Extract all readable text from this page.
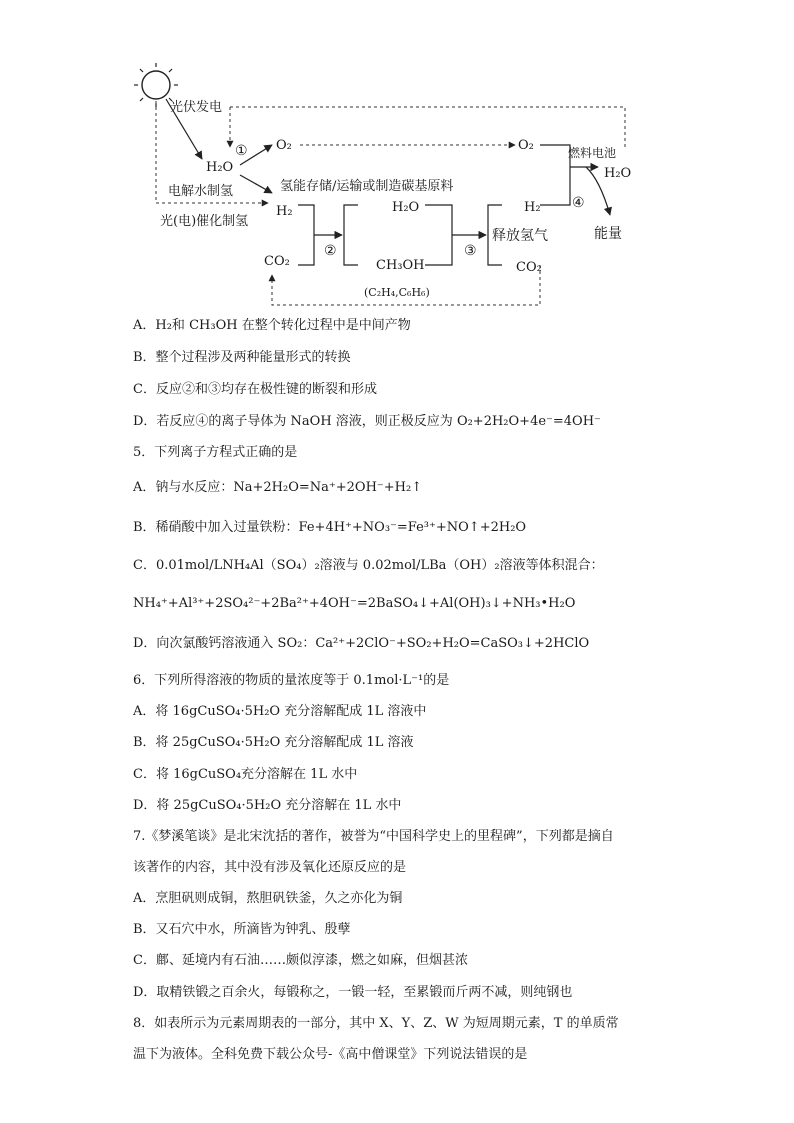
光伏发电
H₂O
① O₂	O₂	燃料电池
H₂O
电解水制氢	氢能存储/运输或制造碳基原料
光(电)催化制氢
H₂
CO₂
②
H₂O
CH₃OH
③
H₂ ④
释放氢气	能量
CO₂
(C₂H₄,C₆H₆)
A．H₂和 CH₃OH 在整个转化过程中是中间产物
B．整个过程涉及两种能量形式的转换
C．反应②和③均存在极性键的断裂和形成
D．若反应④的离子导体为 NaOH 溶液，则正极反应为 O₂+2H₂O+4e⁻=4OH⁻
5．下列离子方程式正确的是
A．钠与水反应：Na+2H₂O=Na⁺+2OH⁻+H₂↑
B．稀硝酸中加入过量铁粉：Fe+4H⁺+NO₃⁻=Fe³⁺+NO↑+2H₂O
C．0.01mol/LNH₄Al（SO₄）₂溶液与 0.02mol/LBa（OH）₂溶液等体积混合：
NH₄⁺+Al³⁺+2SO₄²⁻+2Ba²⁺+4OH⁻=2BaSO₄↓+Al(OH)₃↓+NH₃•H₂O
D．向次氯酸钙溶液通入 SO₂：Ca²⁺+2ClO⁻+SO₂+H₂O=CaSO₃↓+2HClO
6．下列所得溶液的物质的量浓度等于 0.1mol·L⁻¹的是
A．将 16gCuSO₄·5H₂O 充分溶解配成 1L 溶液中
B．将 25gCuSO₄·5H₂O 充分溶解配成 1L 溶液
C．将 16gCuSO₄充分溶解在 1L 水中
D．将 25gCuSO₄·5H₂O 充分溶解在 1L 水中
7.《梦溪笔谈》是北宋沈括的著作，被誉为“中国科学史上的里程碑”，下列都是摘自
该著作的内容，其中没有涉及氧化还原反应的是
A．烹胆矾则成铜，熬胆矾铁釜，久之亦化为铜
B．又石穴中水，所滴皆为钟乳、殷孽
C．鄜、延境内有石油……颇似淳漆，燃之如麻，但烟甚浓
D．取精铁锻之百余火，每锻称之，一锻一轻，至累锻而斤两不减，则纯钢也
8．如表所示为元素周期表的一部分，其中 X、Y、Z、W 为短周期元素，T 的单质常
温下为液体。全科免费下载公众号-《高中僧课堂》下列说法错误的是
